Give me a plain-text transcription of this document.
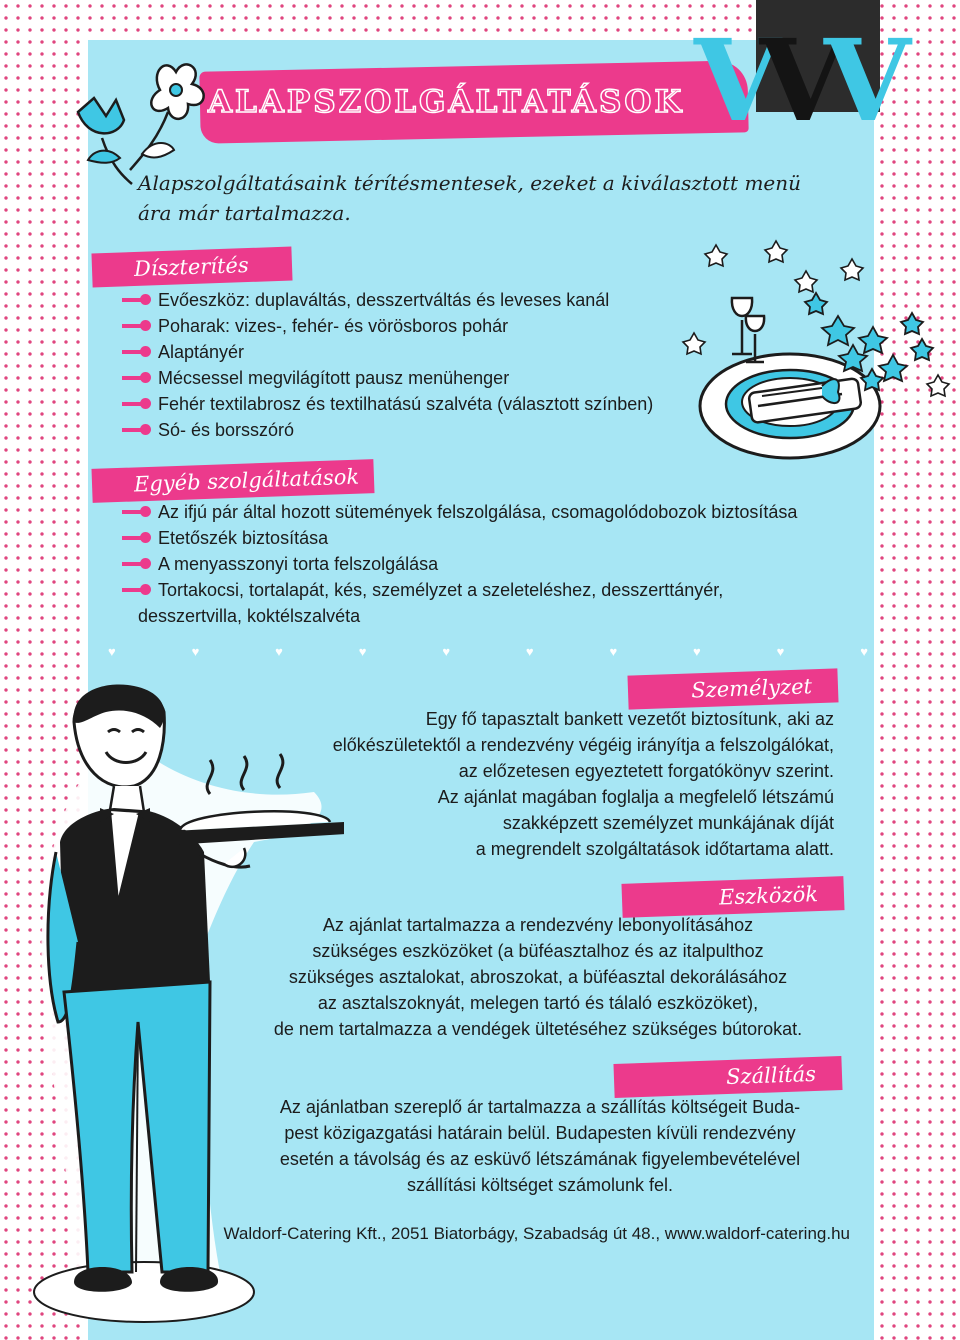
ALAPSZOLGÁLTATÁSOK VVV
Alapszolgáltatásaink térítésmentesek, ezeket a kiválasztott menü ára már tartalmazza.
Díszterítés
Evőeszköz: duplaváltás, desszertváltás és leveses kanál
Poharak: vizes-, fehér- és vörösboros pohár
Alaptányér
Mécsessel megvilágított pausz menühenger
Fehér textilabrosz és textilhatású szalvéta (választott színben)
Só- és borsszóró
Egyéb szolgáltatások
Az ifjú pár által hozott sütemények felszolgálása, csomagolódobozok biztosítása
Etetőszék biztosítása
A menyasszonyi torta felszolgálása
Tortakocsi, tortalapát, kés, személyzet a szeleteléshez, desszerttányér,
desszertvilla, koktélszalvéta
♥	♥	♥	♥	♥	♥	♥	♥	♥	♥
Személyzet

Egy fő tapasztalt bankett vezetőt biztosítunk, aki az

előkészületektől a rendezvény végéig irányítja a felszolgálókat,

az előzetesen egyeztetett forgatókönyv szerint.

Az ajánlat magában foglalja a megfelelő létszámú

szakképzett személyzet munkájának díját

a megrendelt szolgáltatások időtartama alatt.

Eszközök

Az ajánlat tartalmazza a rendezvény lebonyolításához

szükséges eszközöket (a büféasztalhoz és az italpulthoz

szükséges asztalokat, abroszokat, a büféasztal dekorálásához

az asztalszoknyát, melegen tartó és tálaló eszközöket),

de nem tartalmazza a vendégek ültetéséhez szükséges bútorokat.

Szállítás

Az ajánlatban szereplő ár tartalmazza a szállítás költségeit Buda-

pest közigazgatási határain belül. Budapesten kívüli rendezvény

esetén a távolság és az esküvő létszámának figyelembevételével

szállítási költséget számolunk fel.

Waldorf-Catering Kft., 2051 Biatorbágy, Szabadság út 48., www.waldorf-catering.hu
